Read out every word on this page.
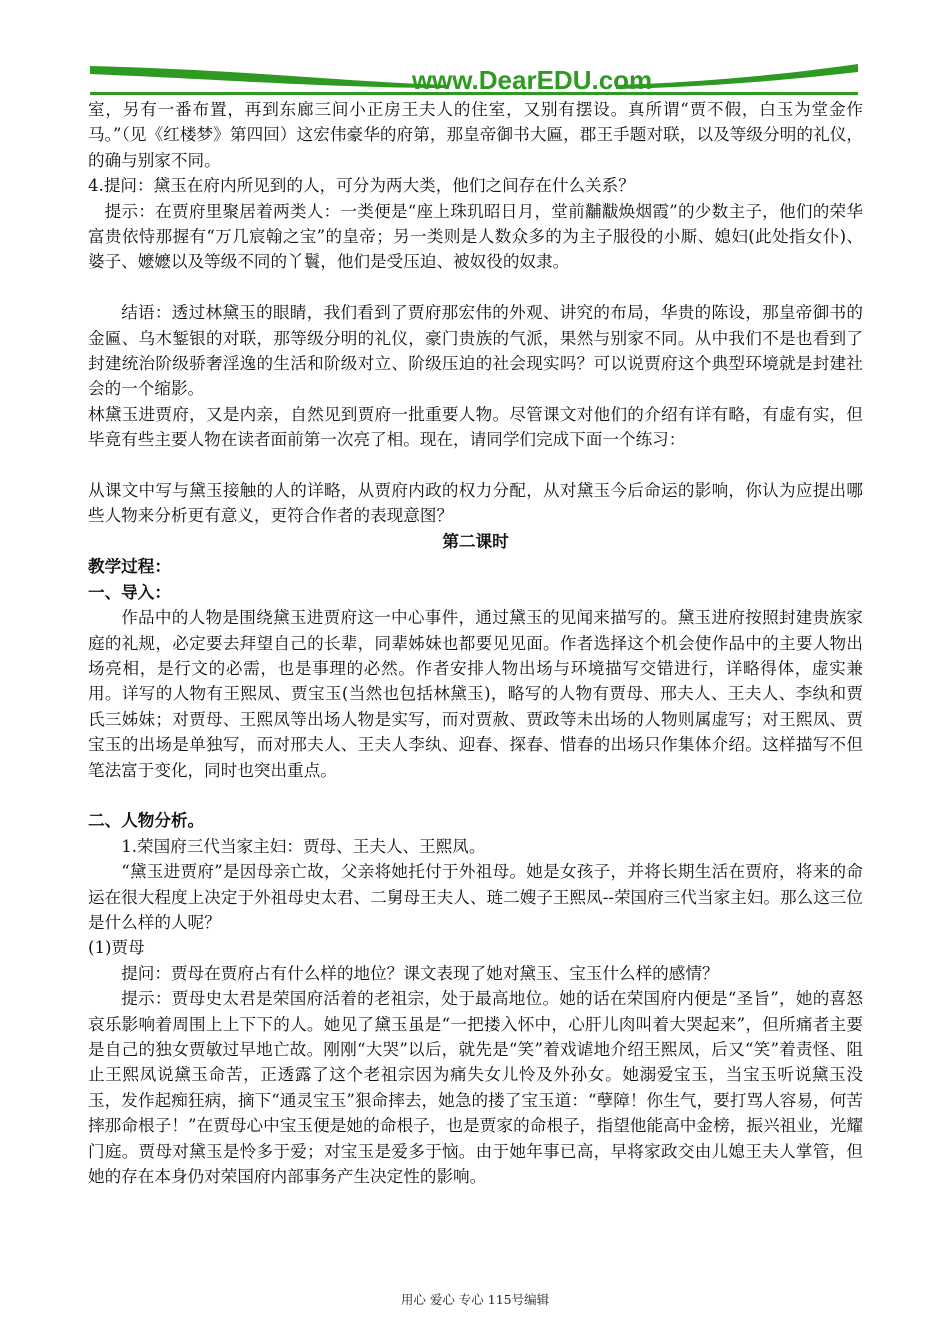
www.DearEDU.com

室，另有一番布置，再到东廊三间小正房王夫人的住室，又别有摆设。真所谓“贾不假，白玉为堂金作马。”（见《红楼梦》第四回）这宏伟豪华的府第，那皇帝御书大匾，郡王手题对联，以及等级分明的礼仪，的确与别家不同。

4.提问：黛玉在府内所见到的人，可分为两大类，他们之间存在什么关系？

提示：在贾府里聚居着两类人：一类便是“座上珠玑昭日月，堂前黼黻焕烟霞”的少数主子，他们的荣华富贵依恃那握有“万几宸翰之宝”的皇帝；另一类则是人数众多的为主子服役的小厮、媳妇(此处指女仆)、婆子、嬷嬷以及等级不同的丫鬟，他们是受压迫、被奴役的奴隶。

结语：透过林黛玉的眼睛，我们看到了贾府那宏伟的外观、讲究的布局，华贵的陈设，那皇帝御书的金匾、乌木錾银的对联，那等级分明的礼仪，豪门贵族的气派，果然与别家不同。从中我们不是也看到了封建统治阶级骄奢淫逸的生活和阶级对立、阶级压迫的社会现实吗？可以说贾府这个典型环境就是封建社会的一个缩影。

林黛玉进贾府，又是内亲，自然见到贾府一批重要人物。尽管课文对他们的介绍有详有略，有虚有实，但毕竟有些主要人物在读者面前第一次亮了相。现在，请同学们完成下面一个练习：

从课文中写与黛玉接触的人的详略，从贾府内政的权力分配，从对黛玉今后命运的影响，你认为应提出哪些人物来分析更有意义，更符合作者的表现意图？

第二课时

教学过程：

一、导入：

作品中的人物是围绕黛玉进贾府这一中心事件，通过黛玉的见闻来描写的。黛玉进府按照封建贵族家庭的礼规，必定要去拜望自己的长辈，同辈姊妹也都要见见面。作者选择这个机会使作品中的主要人物出场亮相，是行文的必需，也是事理的必然。作者安排人物出场与环境描写交错进行，详略得体，虚实兼用。详写的人物有王熙凤、贾宝玉(当然也包括林黛玉)，略写的人物有贾母、邢夫人、王夫人、李纨和贾氏三姊妹；对贾母、王熙凤等出场人物是实写，而对贾赦、贾政等未出场的人物则属虚写；对王熙凤、贾宝玉的出场是单独写，而对邢夫人、王夫人李纨、迎春、探春、惜春的出场只作集体介绍。这样描写不但笔法富于变化，同时也突出重点。

二、人物分析。

1.荣国府三代当家主妇：贾母、王夫人、王熙凤。

“黛玉进贾府”是因母亲亡故，父亲将她托付于外祖母。她是女孩子，并将长期生活在贾府，将来的命运在很大程度上决定于外祖母史太君、二舅母王夫人、琏二嫂子王熙凤--荣国府三代当家主妇。那么这三位是什么样的人呢？

(1)贾母

提问：贾母在贾府占有什么样的地位？课文表现了她对黛玉、宝玉什么样的感情？

提示：贾母史太君是荣国府活着的老祖宗，处于最高地位。她的话在荣国府内便是“圣旨”，她的喜怒哀乐影响着周围上上下下的人。她见了黛玉虽是“一把搂入怀中，心肝儿肉叫着大哭起来”，但所痛者主要是自己的独女贾敏过早地亡故。刚刚“大哭”以后，就先是“笑”着戏谑地介绍王熙凤，后又“笑”着责怪、阻止王熙凤说黛玉命苦，正透露了这个老祖宗因为痛失女儿怜及外孙女。她溺爱宝玉，当宝玉听说黛玉没玉，发作起痴狂病，摘下“通灵宝玉”狠命摔去，她急的搂了宝玉道：“孽障！你生气，要打骂人容易，何苦摔那命根子！”在贾母心中宝玉便是她的命根子，也是贾家的命根子，指望他能高中金榜，振兴祖业，光耀门庭。贾母对黛玉是怜多于爱；对宝玉是爱多于恼。由于她年事已高，早将家政交由儿媳王夫人掌管，但她的存在本身仍对荣国府内部事务产生决定性的影响。

用心 爱心 专心 115号编辑
